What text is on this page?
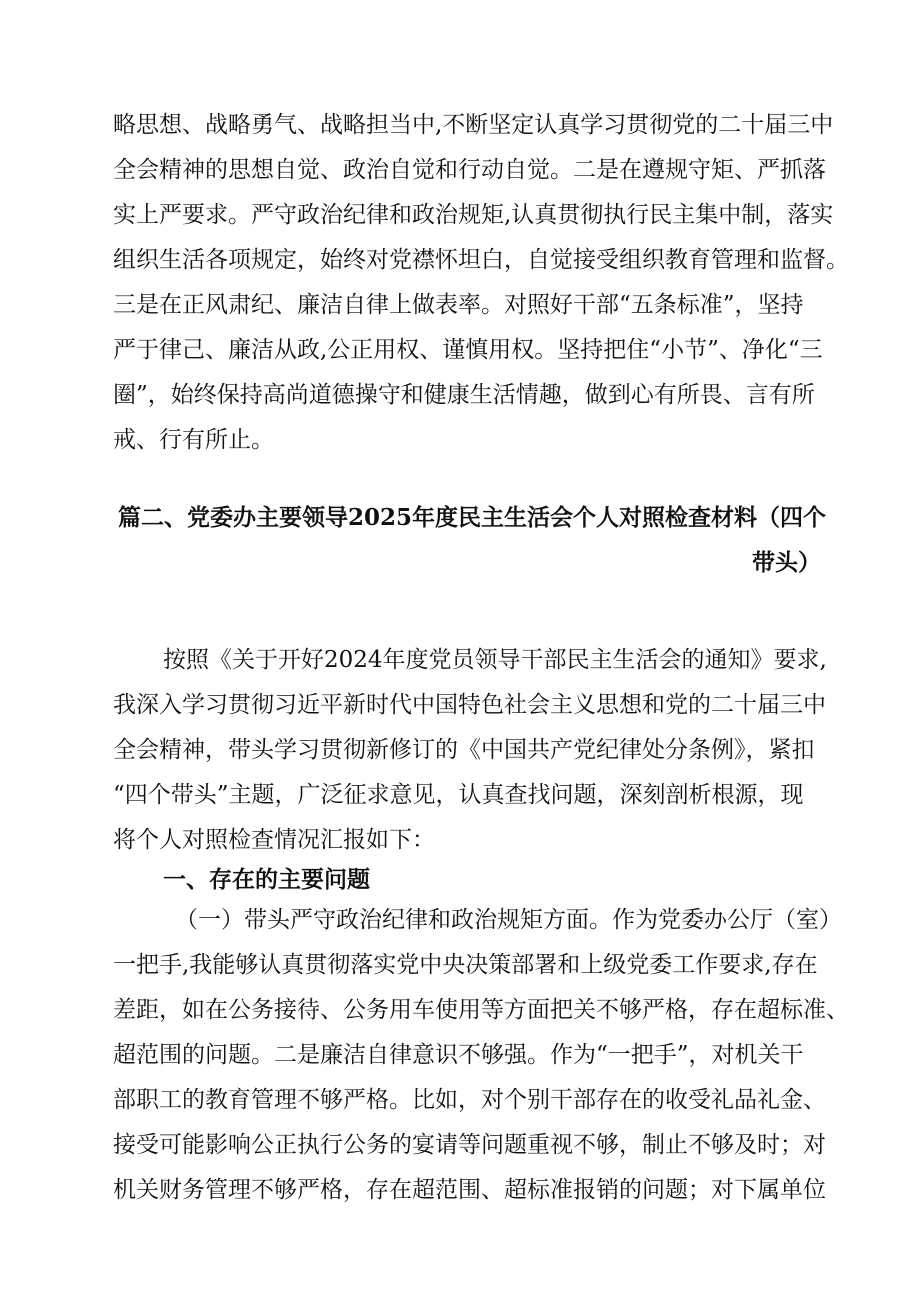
略思想、战略勇气、战略担当中,不断坚定认真学习贯彻党的二十届三中
全会精神的思想自觉、政治自觉和行动自觉。二是在遵规守矩、严抓落
实上严要求。严守政治纪律和政治规矩,认真贯彻执行民主集中制，落实
组织生活各项规定，始终对党襟怀坦白，自觉接受组织教育管理和监督。
三是在正风肃纪、廉洁自律上做表率。对照好干部“五条标准”，坚持
严于律己、廉洁从政,公正用权、谨慎用权。坚持把住“小节”、净化“三
圈”，始终保持高尚道德操守和健康生活情趣，做到心有所畏、言有所
戒、行有所止。
篇二、党委办主要领导2025年度民主生活会个人对照检查材料（四个
带头）
按照《关于开好2024年度党员领导干部民主生活会的通知》要求,
我深入学习贯彻习近平新时代中国特色社会主义思想和党的二十届三中
全会精神，带头学习贯彻新修订的《中国共产党纪律处分条例》，紧扣
“四个带头”主题，广泛征求意见，认真查找问题，深刻剖析根源，现
将个人对照检查情况汇报如下：
一、存在的主要问题
（一）带头严守政治纪律和政治规矩方面。作为党委办公厅（室）
一把手,我能够认真贯彻落实党中央决策部署和上级党委工作要求,存在
差距，如在公务接待、公务用车使用等方面把关不够严格，存在超标准、
超范围的问题。二是廉洁自律意识不够强。作为“一把手”，对机关干
部职工的教育管理不够严格。比如，对个别干部存在的收受礼品礼金、
接受可能影响公正执行公务的宴请等问题重视不够，制止不够及时；对
机关财务管理不够严格，存在超范围、超标准报销的问题；对下属单位
